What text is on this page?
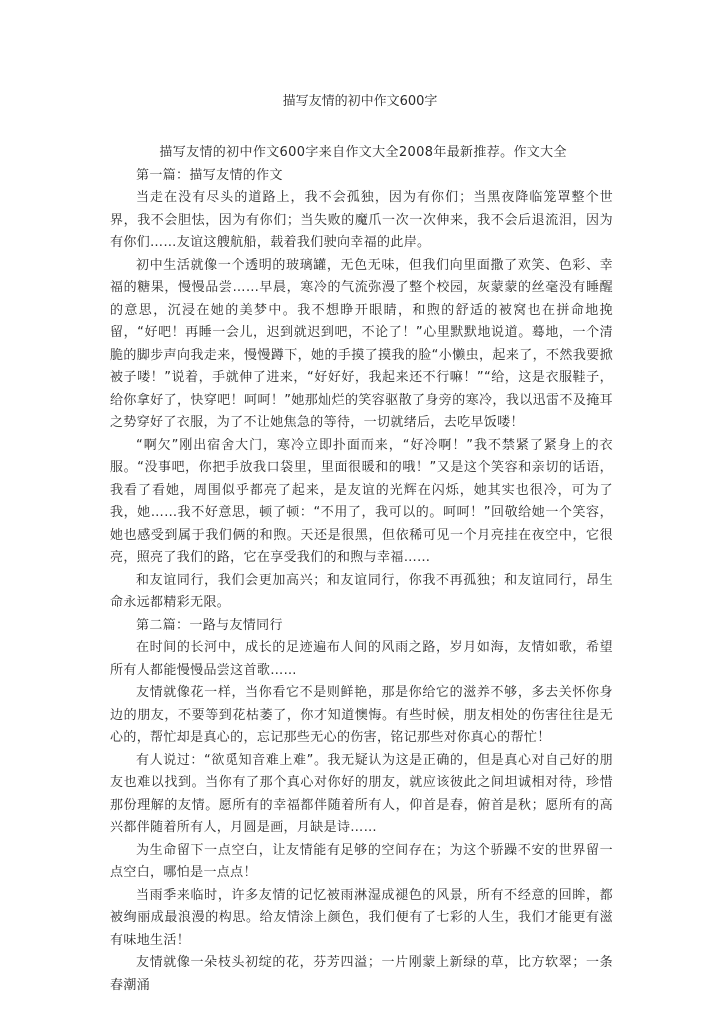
描写友情的初中作文600字

描写友情的初中作文600字来自作文大全2008年最新推荐。作文大全

第一篇：描写友情的作文

当走在没有尽头的道路上，我不会孤独，因为有你们；当黑夜降临笼罩整个世界，我不会胆怯，因为有你们；当失败的魔爪一次一次伸来，我不会后退流泪，因为有你们……友谊这艘航船，载着我们驶向幸福的此岸。

初中生活就像一个透明的玻璃罐，无色无味，但我们向里面撒了欢笑、色彩、幸福的糖果，慢慢品尝……早晨，寒冷的气流弥漫了整个校园，灰蒙蒙的丝毫没有睡醒的意思，沉浸在她的美梦中。我不想睁开眼睛，和煦的舒适的被窝也在拼命地挽留，“好吧！再睡一会儿，迟到就迟到吧，不论了！”心里默默地说道。蓦地，一个清脆的脚步声向我走来，慢慢蹲下，她的手摸了摸我的脸“小懒虫，起来了，不然我要掀被子喽！”说着，手就伸了进来，“好好好，我起来还不行嘛！”“给，这是衣服鞋子，给你拿好了，快穿吧！呵呵！”她那灿烂的笑容驱散了身旁的寒冷，我以迅雷不及掩耳之势穿好了衣服，为了不让她焦急的等待，一切就绪后，去吃早饭喽！

“啊欠”刚出宿舍大门，寒冷立即扑面而来，“好冷啊！”我不禁紧了紧身上的衣服。“没事吧，你把手放我口袋里，里面很暖和的哦！”又是这个笑容和亲切的话语，我看了看她，周围似乎都亮了起来，是友谊的光辉在闪烁，她其实也很冷，可为了我，她……我不好意思，顿了顿：“不用了，我可以的。呵呵！”回敬给她一个笑容，她也感受到属于我们俩的和煦。天还是很黑，但依稀可见一个月亮挂在夜空中，它很亮，照亮了我们的路，它在享受我们的和煦与幸福……

和友谊同行，我们会更加高兴；和友谊同行，你我不再孤独；和友谊同行，昂生命永远都精彩无限。

第二篇：一路与友情同行

在时间的长河中，成长的足迹遍布人间的风雨之路，岁月如海，友情如歌，希望所有人都能慢慢品尝这首歌……

友情就像花一样，当你看它不是则鲜艳，那是你给它的滋养不够，多去关怀你身边的朋友，不要等到花枯萎了，你才知道懊悔。有些时候，朋友相处的伤害往往是无心的，帮忙却是真心的，忘记那些无心的伤害，铭记那些对你真心的帮忙！

有人说过：“欲觅知音难上难”。我无疑认为这是正确的，但是真心对自己好的朋友也难以找到。当你有了那个真心对你好的朋友，就应该彼此之间坦诚相对待，珍惜那份理解的友情。愿所有的幸福都伴随着所有人，仰首是春，俯首是秋；愿所有的高兴都伴随着所有人，月圆是画，月缺是诗……

为生命留下一点空白，让友情能有足够的空间存在；为这个骄躁不安的世界留一点空白，哪怕是一点点！

当雨季来临时，许多友情的记忆被雨淋湿成褪色的风景，所有不经意的回眸，都被绚丽成最浪漫的构思。给友情涂上颜色，我们便有了七彩的人生，我们才能更有滋有味地生活！

友情就像一朵枝头初绽的花，芬芳四溢；一片刚蒙上新绿的草，比方软翠；一条春潮涌
